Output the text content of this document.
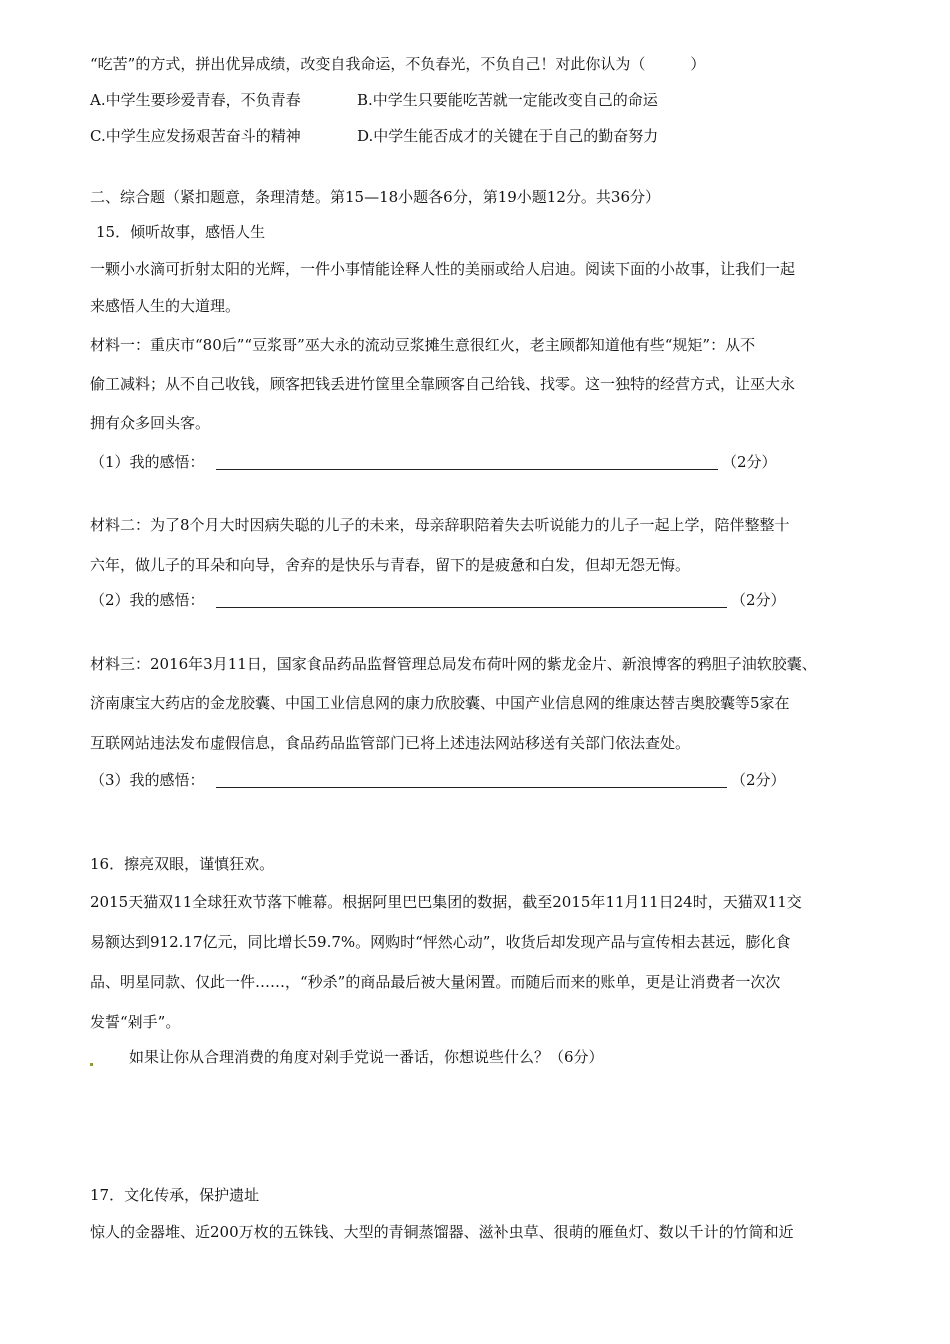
“吃苦”的方式，拼出优异成绩，改变自我命运，不负春光，不负自己！对此你认为（　　　）
A.中学生要珍爱青春，不负青春	B.中学生只要能吃苦就一定能改变自己的命运
C.中学生应发扬艰苦奋斗的精神	D.中学生能否成才的关键在于自己的勤奋努力
二、综合题（紧扣题意，条理清楚。第15—18小题各6分，第19小题12分。共36分）
15．倾听故事，感悟人生
一颗小水滴可折射太阳的光辉，一件小事情能诠释人性的美丽或给人启迪。阅读下面的小故事，让我们一起
来感悟人生的大道理。
材料一：重庆市“80后”“豆浆哥”巫大永的流动豆浆摊生意很红火，老主顾都知道他有些“规矩”：从不
偷工减料；从不自己收钱，顾客把钱丢进竹筐里全靠顾客自己给钱、找零。这一独特的经营方式，让巫大永
拥有众多回头客。
（1）我的感悟：	（2分）
材料二：为了8个月大时因病失聪的儿子的未来，母亲辞职陪着失去听说能力的儿子一起上学，陪伴整整十
六年，做儿子的耳朵和向导，舍弃的是快乐与青春，留下的是疲惫和白发，但却无怨无悔。
（2）我的感悟：	（2分）
材料三：2016年3月11日，国家食品药品监督管理总局发布荷叶网的紫龙金片、新浪博客的鸦胆子油软胶囊、
济南康宝大药店的金龙胶囊、中国工业信息网的康力欣胶囊、中国产业信息网的维康达替吉奥胶囊等5家在
互联网站违法发布虚假信息，食品药品监管部门已将上述违法网站移送有关部门依法查处。
（3）我的感悟：	（2分）
16．擦亮双眼，谨慎狂欢。
2015天猫双11全球狂欢节落下帷幕。根据阿里巴巴集团的数据，截至2015年11月11日24时，天猫双11交
易额达到912.17亿元，同比增长59.7%。网购时“怦然心动”，收货后却发现产品与宣传相去甚远，膨化食
品、明星同款、仅此一件……，“秒杀”的商品最后被大量闲置。而随后而来的账单，更是让消费者一次次
发誓“剁手”。
如果让你从合理消费的角度对剁手党说一番话，你想说些什么？（6分）
17．文化传承，保护遗址
惊人的金器堆、近200万枚的五铢钱、大型的青铜蒸馏器、滋补虫草、很萌的雁鱼灯、数以千计的竹简和近
